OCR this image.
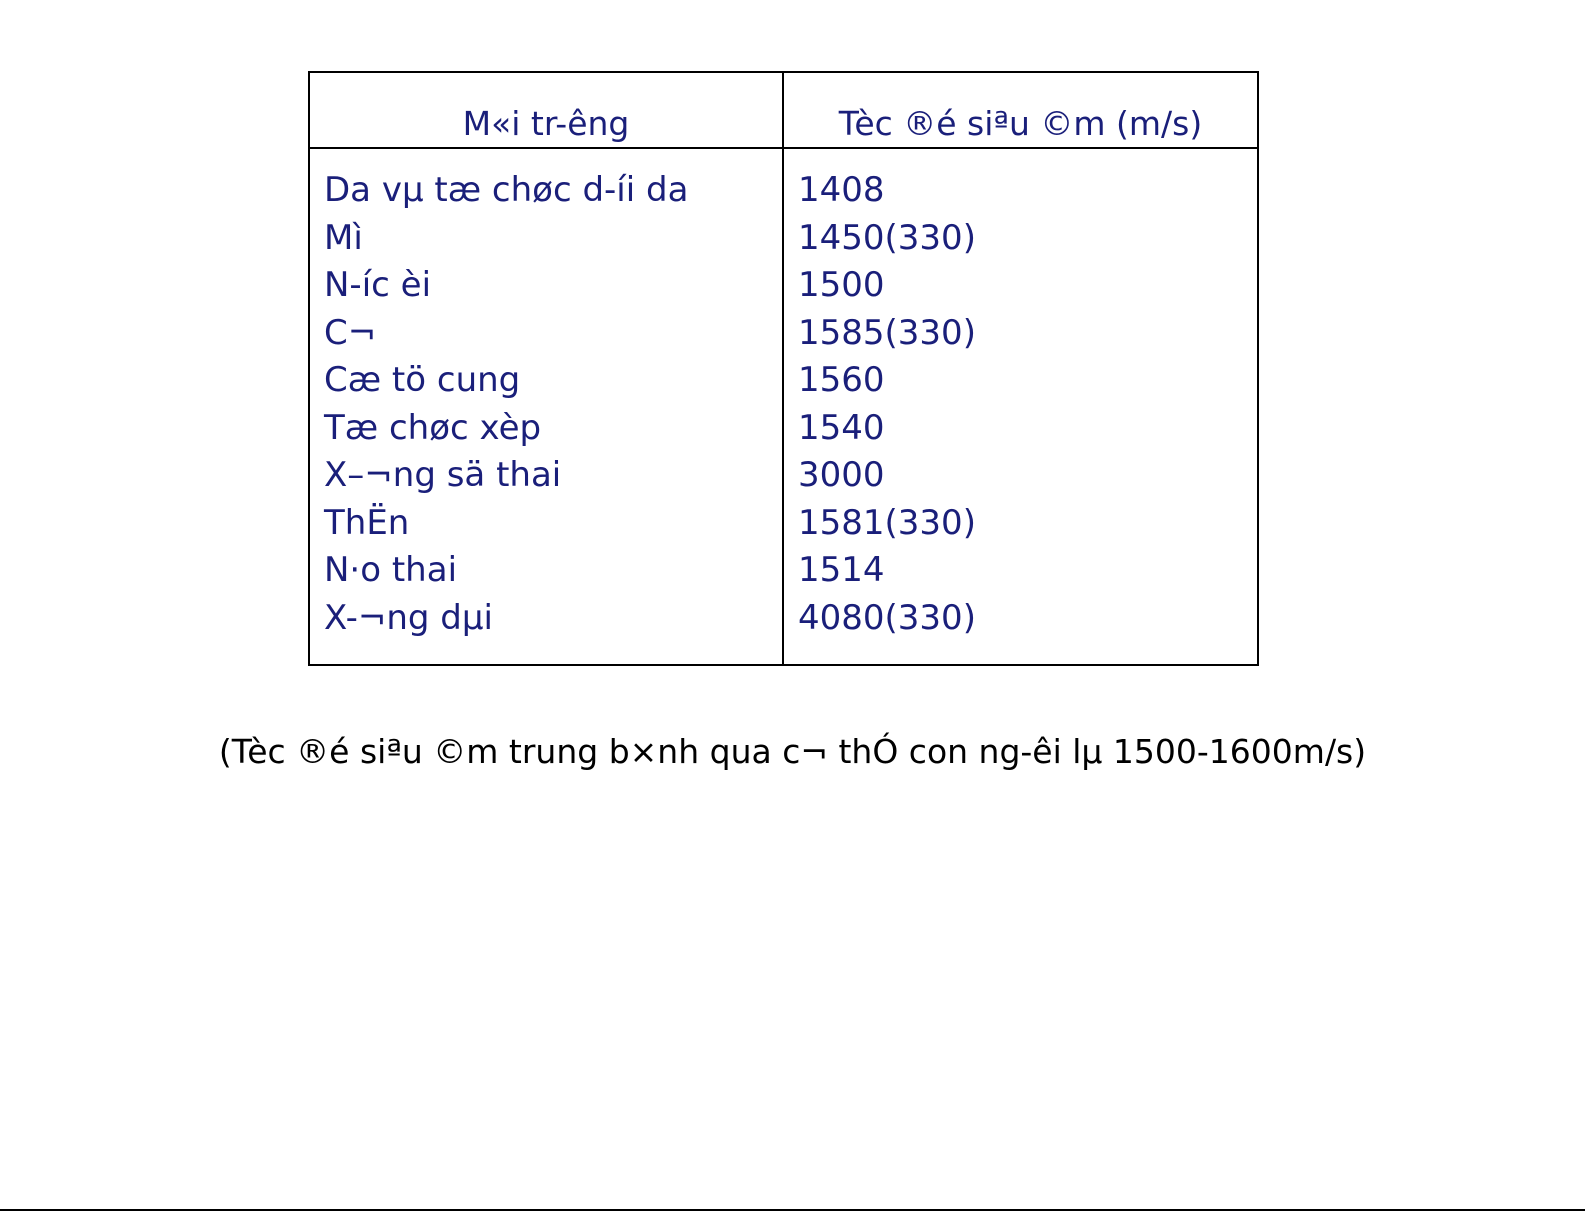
M«i tr-êng	Tèc ®é siªu ©m (m/s)
Da vµ tæ chøc d-íi da
Mì
N-íc èi
C¬
Cæ tö cung
Tæ chøc xèp
X–¬ng sä thai
ThËn
N·o thai
X-¬ng dµi
1408
1450(330)
1500
1585(330)
1560
1540
3000
1581(330)
1514
4080(330)
(Tèc ®é siªu ©m trung b×nh qua c¬ thÓ con ng-êi lµ 1500-1600m/s)
